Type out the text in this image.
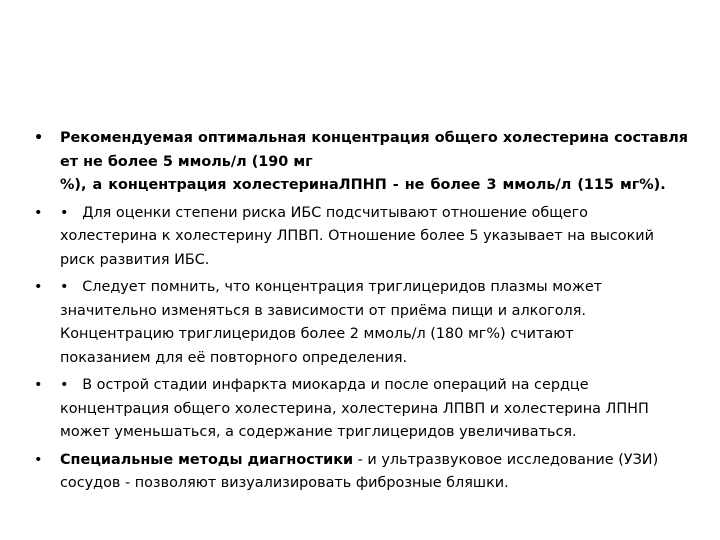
• Рекомендуемая оптимальная концентрация общего холестерина составля
ет не более 5 ммоль/л (190 мг
%), а концентрация холестеринаЛПНП - не более 3 ммоль/л (115 мг%).
• • Для оценки степени риска ИБС подсчитывают отношение общего
холестерина к холестерину ЛПВП. Отношение более 5 указывает на высокий
риск развития ИБС.
• • Следует помнить, что концентрация триглицеридов плазмы может
значительно изменяться в зависимости от приёма пищи и алкоголя.
Концентрацию триглицеридов более 2 ммоль/л (180 мг%) считают
показанием для её повторного определения.
• • В острой стадии инфаркта миокарда и после операций на сердце
концентрация общего холестерина, холестерина ЛПВП и холестерина ЛПНП
может уменьшаться, а содержание триглицеридов увеличиваться.
• Специальные методы диагностики - и ультразвуковое исследование (УЗИ)
сосудов - позволяют визуализировать фиброзные бляшки.
